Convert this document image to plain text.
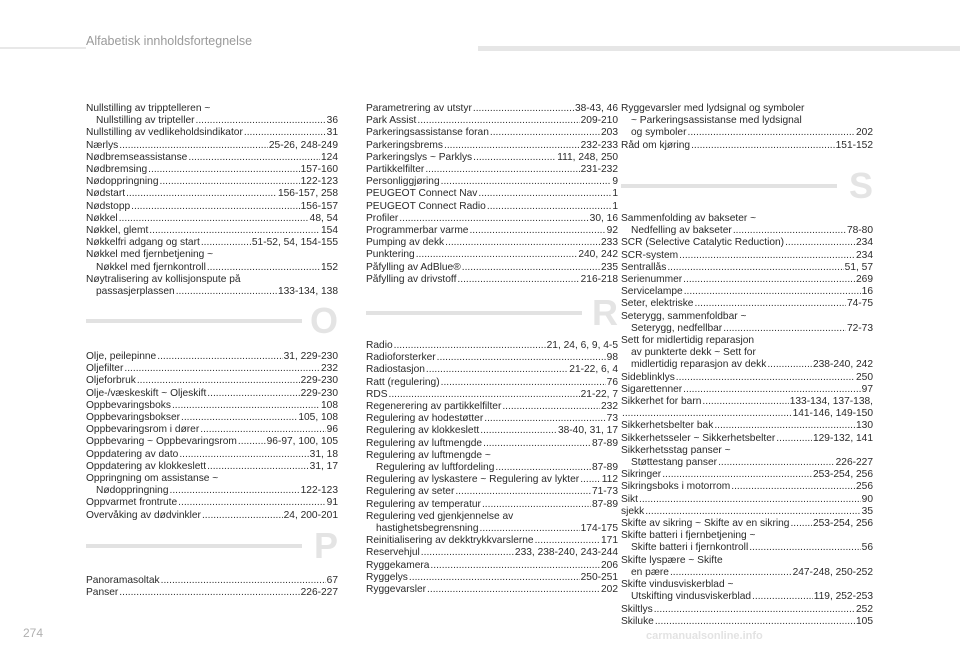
Alfabetisk innholdsfortegnelse
Nullstilling av tripptelleren ~
Nullstilling av tripteller .....	36
Nullstilling av vedlikeholdsindikator .....	31
Nærlys .....	25-26, 248-249
Nødbremseassistanse .....	124
Nødbremsing .....	157-160
Nødoppringning .....	122-123
Nødstart .....	156-157, 258
Nødstopp .....	156-157
Nøkkel .....	48, 54
Nøkkel, glemt .....	154
Nøkkelfri adgang og start .....	51-52, 54, 154-155
Nøkkel med fjernbetjening ~
Nøkkel med fjernkontroll .....	152
Nøytralisering av kollisjonspute på
passasjerplassen .....	133-134, 138
O
Olje, peilepinne .....	31, 229-230
Oljefilter .....	232
Oljeforbruk .....	229-230
Olje-/væskeskift ~ Oljeskift .....	229-230
Oppbevaringsboks .....	108
Oppbevaringsbokser .....	105, 108
Oppbevaringsrom i dører .....	96
Oppbevaring ~ Oppbevaringsrom .....	96-97, 100, 105
Oppdatering av dato .....	31, 18
Oppdatering av klokkeslett .....	31, 17
Oppringning om assistanse ~
Nødoppringning .....	122-123
Oppvarmet frontrute .....	91
Overvåking av dødvinkler .....	24, 200-201
P
Panoramasoltak .....	67
Panser .....	226-227
Parametrering av utstyr .....	38-43, 46
Park Assist .....	209-210
Parkeringsassistanse foran .....	203
Parkeringsbrems .....	232-233
Parkeringslys ~ Parklys .....	111, 248, 250
Partikkelfilter .....	231-232
Personliggjøring .....	9
PEUGEOT Connect Nav .....	1
PEUGEOT Connect Radio .....	1
Profiler .....	30, 16
Programmerbar varme .....	92
Pumping av dekk .....	233
Punktering .....	240, 242
Påfylling av AdBlue® .....	235
Påfylling av drivstoff .....	216-218
R
Radio .....	21, 24, 6, 9, 4-5
Radioforsterker .....	98
Radiostasjon .....	21-22, 6, 4
Ratt (regulering) .....	76
RDS .....	21-22, 7
Regenerering av partikkelfilter .....	232
Regulering av hodestøtter .....	73
Regulering av klokkeslett .....	38-40, 31, 17
Regulering av luftmengde .....	87-89
Regulering av luftmengde ~
Regulering av luftfordeling .....	87-89
Regulering av lyskastere ~ Regulering av lykter ..... 112
Regulering av seter .....	71-73
Regulering av temperatur .....	87-89
Regulering ved gjenkjennelse av
hastighetsbegrensning .....	174-175
Reinitialisering av dekktrykkvarslerne .....	171
Reservehjul .....	233, 238-240, 243-244
Ryggekamera .....	206
Ryggelys .....	250-251
Ryggevarsler .....	202
Ryggevarsler med lydsignal og symboler
~ Parkeringsassistanse med lydsignal
og symboler .....	202
Råd om kjøring .....	151-152
S
Sammenfolding av bakseter ~
Nedfelling av bakseter .....	78-80
SCR (Selective Catalytic Reduction) .....	234
SCR-system .....	234
Sentrallås .....	51, 57
Serienummer .....	269
Servicelampe .....	16
Seter, elektriske .....	74-75
Seterygg, sammenfoldbar ~
Seterygg, nedfellbar .....	72-73
Sett for midlertidig reparasjon
av punkterte dekk ~ Sett for
midlertidig reparasjon av dekk .....	238-240, 242
Sideblinklys .....	250
Sigarettenner .....	97
Sikkerhet for barn .....	133-134, 137-138,
.....
141-146, 149-150
Sikkerhetsbelter bak .....	130
Sikkerhetsseler ~ Sikkerhetsbelter .....	129-132, 141
Sikkerhetsstag panser ~
Støttestang panser .....	226-227
Sikringer .....	253-254, 256
Sikringsboks i motorrom .....	256
Sikt .....	90
sjekk .....	35
Skifte av sikring ~ Skifte av en sikring ..... 253-254, 256
Skifte batteri i fjernbetjening ~
Skifte batteri i fjernkontroll .....	56
Skifte lyspære ~ Skifte
en pære .....	247-248, 250-252
Skifte vindusviskerblad ~
Utskifting vindusviskerblad .....	119, 252-253
Skiltlys .....	252
Skiluke .....	105
274	carmanualsonline.info
